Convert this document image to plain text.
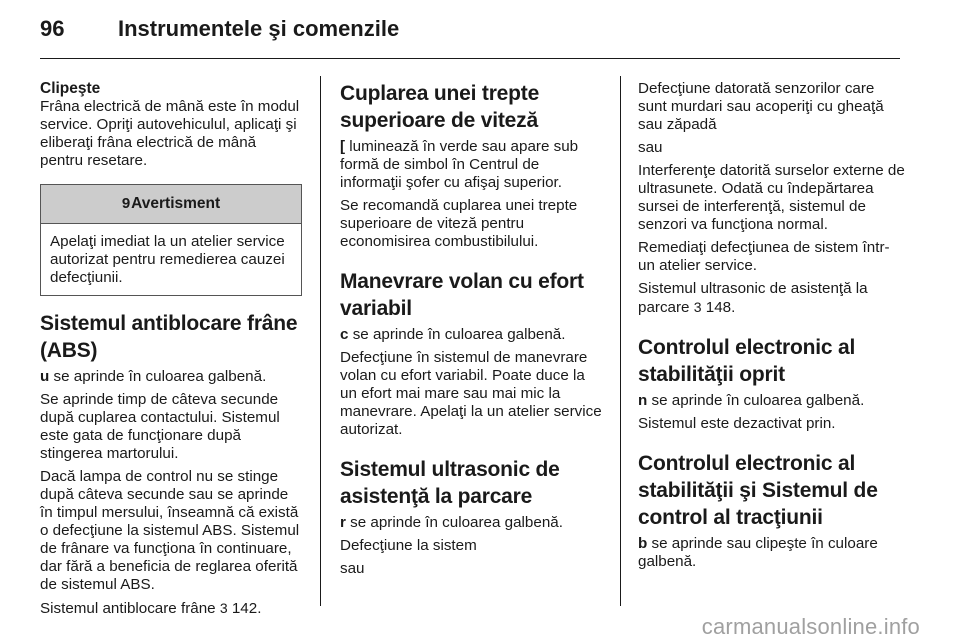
96 Instrumentele şi comenzile
Clipeşte

Frâna electrică de mână este în modul service. Opriţi autovehiculul, aplicaţi şi eliberaţi frâna electrică de mână pentru resetare.

9Avertisment
Apelaţi imediat la un atelier service autorizat pentru remedierea cauzei defecţiunii.
Sistemul antiblocare frâne (ABS)

u se aprinde în culoarea galbenă.

Se aprinde timp de câteva secunde după cuplarea contactului. Sistemul este gata de funcţionare după stingerea martorului.

Dacă lampa de control nu se stinge după câteva secunde sau se aprinde în timpul mersului, înseamnă că există o defecţiune la sistemul ABS. Sistemul de frânare va funcţiona în continuare, dar fără a beneficia de reglarea oferită de sistemul ABS.

Sistemul antiblocare frâne 3 142.

Cuplarea unei trepte superioare de viteză

[ luminează în verde sau apare sub formă de simbol în Centrul de informaţii şofer cu afişaj superior.

Se recomandă cuplarea unei trepte superioare de viteză pentru economisirea combustibilului.

Manevrare volan cu efort variabil

c se aprinde în culoarea galbenă.

Defecţiune în sistemul de manevrare volan cu efort variabil. Poate duce la un efort mai mare sau mai mic la manevrare. Apelaţi la un atelier service autorizat.

Sistemul ultrasonic de asistenţă la parcare

r se aprinde în culoarea galbenă.

Defecţiune la sistem

sau

Defecţiune datorată senzorilor care sunt murdari sau acoperiţi cu gheaţă sau zăpadă

sau

Interferenţe datorită surselor externe de ultrasunete. Odată cu îndepărtarea sursei de interferenţă, sistemul de senzori va funcţiona normal.

Remediaţi defecţiunea de sistem într-un atelier service.

Sistemul ultrasonic de asistenţă la parcare 3 148.

Controlul electronic al stabilităţii oprit

n se aprinde în culoarea galbenă.

Sistemul este dezactivat prin.

Controlul electronic al stabilităţii şi Sistemul de control al tracţiunii

b se aprinde sau clipeşte în culoare galbenă.

carmanualsonline.info
